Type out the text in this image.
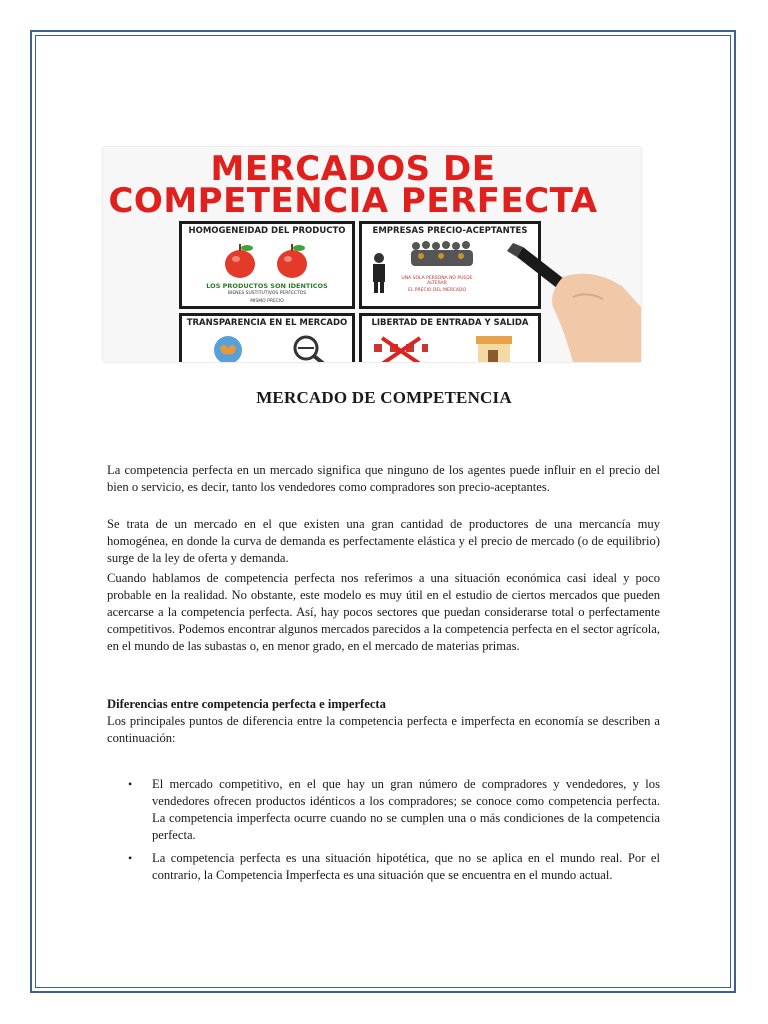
MERCADOS DE
COMPETENCIA PERFECTA
HOMOGENEIDAD DEL PRODUCTO
LOS PRODUCTOS SON IDENTICOS
BIENES SUSTITUTIVOS PERFECTOS
MISMO PRECIO
EMPRESAS PRECIO-ACEPTANTES
UNA SOLA PERSONA NO PUEDE ALTERAR
EL PRECIO DEL MERCADO
TRANSPARENCIA EN EL MERCADO	LIBERTAD DE ENTRADA Y SALIDA
MERCADO DE COMPETENCIA

La competencia perfecta en un mercado significa que ninguno de los agentes puede influir en el precio del bien o servicio, es decir, tanto los vendedores como compradores son precio-aceptantes.

Se trata de un mercado en el que existen una gran cantidad de productores de una mercancía muy homogénea, en donde la curva de demanda es perfectamente elástica y el precio de mercado (o de equilibrio) surge de la ley de oferta y demanda.

Cuando hablamos de competencia perfecta nos referimos a una situación económica casi ideal y poco probable en la realidad. No obstante, este modelo es muy útil en el estudio de ciertos mercados que pueden acercarse a la competencia perfecta. Así, hay pocos sectores que puedan considerarse total o perfectamente competitivos. Podemos encontrar algunos mercados parecidos a la competencia perfecta en el sector agrícola, en el mundo de las subastas o, en menor grado, en el mercado de materias primas.

Diferencias entre competencia perfecta e imperfecta

Los principales puntos de diferencia entre la competencia perfecta e imperfecta en economía se describen a continuación:

• El mercado competitivo, en el que hay un gran número de compradores y vendedores, y los vendedores ofrecen productos idénticos a los compradores; se conoce como competencia perfecta. La competencia imperfecta ocurre cuando no se cumplen una o más condiciones de la competencia perfecta.
• La competencia perfecta es una situación hipotética, que no se aplica en el mundo real. Por el contrario, la Competencia Imperfecta es una situación que se encuentra en el mundo actual.
